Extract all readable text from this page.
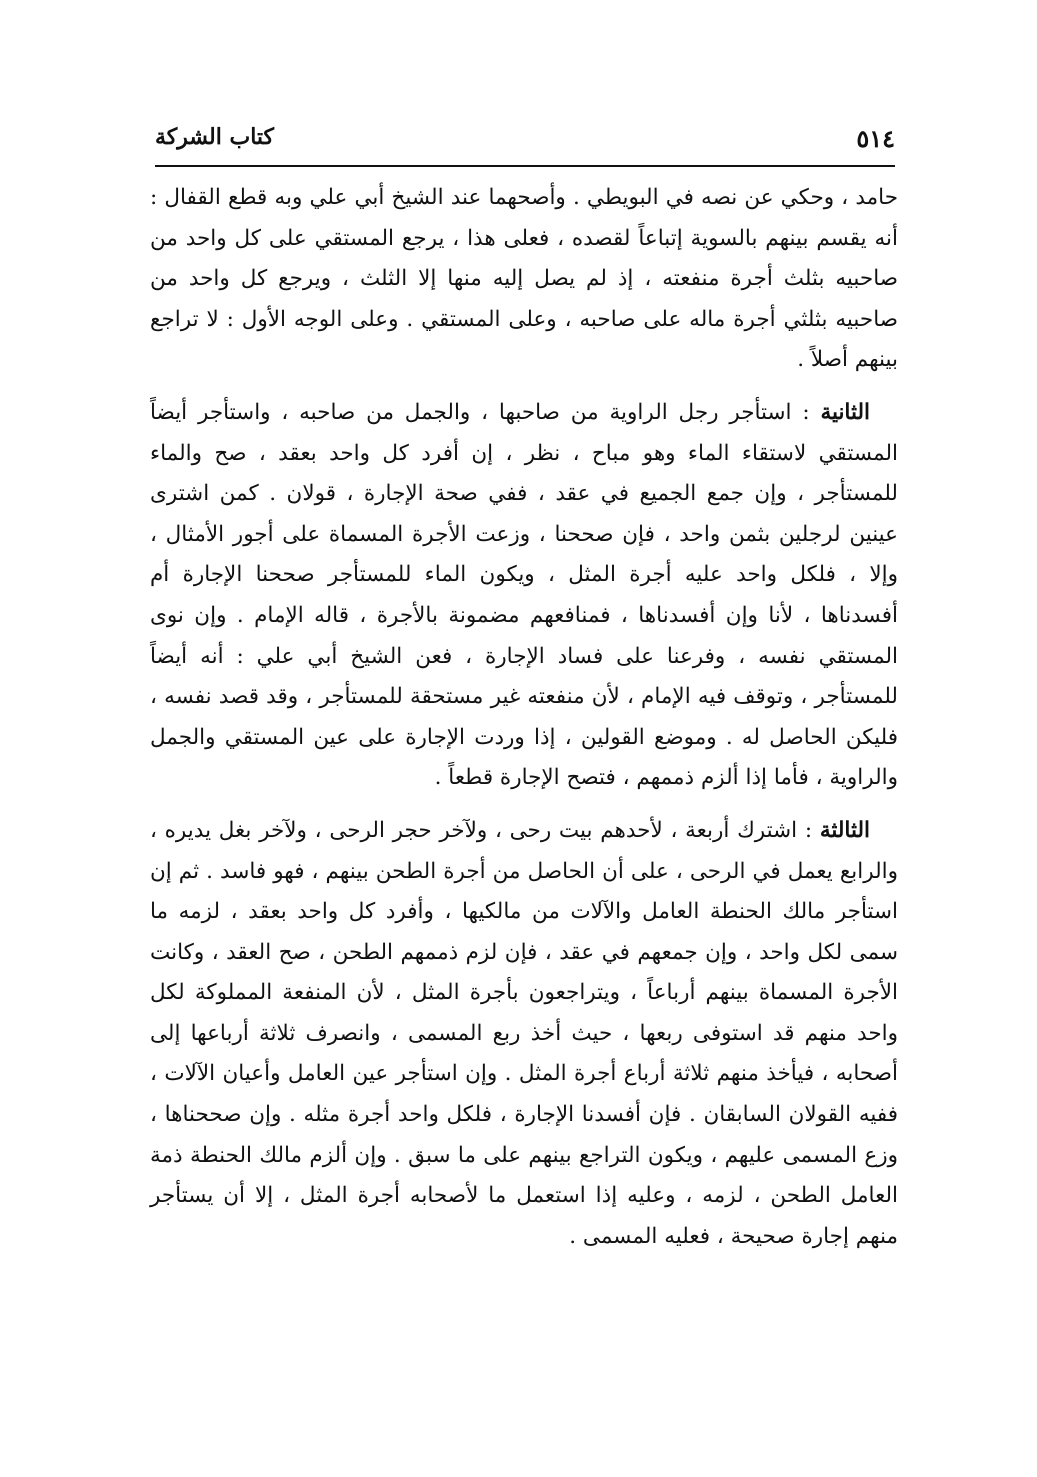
٥١٤
كتاب الشركة

حامد ، وحكي عن نصه في البويطي . وأصحهما عند الشيخ أبي علي وبه قطع القفال : أنه يقسم بينهم بالسوية إتباعاً لقصده ، فعلى هذا ، يرجع المستقي على كل واحد من صاحبيه بثلث أجرة منفعته ، إذ لم يصل إليه منها إلا الثلث ، ويرجع كل واحد من صاحبيه بثلثي أجرة ماله على صاحبه ، وعلى المستقي . وعلى الوجه الأول : لا تراجع بينهم أصلاً .

الثانية : استأجر رجل الراوية من صاحبها ، والجمل من صاحبه ، واستأجر أيضاً المستقي لاستقاء الماء وهو مباح ، نظر ، إن أفرد كل واحد بعقد ، صح والماء للمستأجر ، وإن جمع الجميع في عقد ، ففي صحة الإجارة ، قولان . كمن اشترى عينين لرجلين بثمن واحد ، فإن صححنا ، وزعت الأجرة المسماة على أجور الأمثال ، وإلا ، فلكل واحد عليه أجرة المثل ، ويكون الماء للمستأجر صححنا الإجارة أم أفسدناها ، لأنا وإن أفسدناها ، فمنافعهم مضمونة بالأجرة ، قاله الإمام . وإن نوى المستقي نفسه ، وفرعنا على فساد الإجارة ، فعن الشيخ أبي علي : أنه أيضاً للمستأجر ، وتوقف فيه الإمام ، لأن منفعته غير مستحقة للمستأجر ، وقد قصد نفسه ، فليكن الحاصل له . وموضع القولين ، إذا وردت الإجارة على عين المستقي والجمل والراوية ، فأما إذا ألزم ذممهم ، فتصح الإجارة قطعاً .

الثالثة : اشترك أربعة ، لأحدهم بيت رحى ، ولآخر حجر الرحى ، ولآخر بغل يديره ، والرابع يعمل في الرحى ، على أن الحاصل من أجرة الطحن بينهم ، فهو فاسد . ثم إن استأجر مالك الحنطة العامل والآلات من مالكيها ، وأفرد كل واحد بعقد ، لزمه ما سمى لكل واحد ، وإن جمعهم في عقد ، فإن لزم ذممهم الطحن ، صح العقد ، وكانت الأجرة المسماة بينهم أرباعاً ، ويتراجعون بأجرة المثل ، لأن المنفعة المملوكة لكل واحد منهم قد استوفى ربعها ، حيث أخذ ربع المسمى ، وانصرف ثلاثة أرباعها إلى أصحابه ، فيأخذ منهم ثلاثة أرباع أجرة المثل . وإن استأجر عين العامل وأعيان الآلات ، ففيه القولان السابقان . فإن أفسدنا الإجارة ، فلكل واحد أجرة مثله . وإن صححناها ، وزع المسمى عليهم ، ويكون التراجع بينهم على ما سبق . وإن ألزم مالك الحنطة ذمة العامل الطحن ، لزمه ، وعليه إذا استعمل ما لأصحابه أجرة المثل ، إلا أن يستأجر منهم إجارة صحيحة ، فعليه المسمى .
